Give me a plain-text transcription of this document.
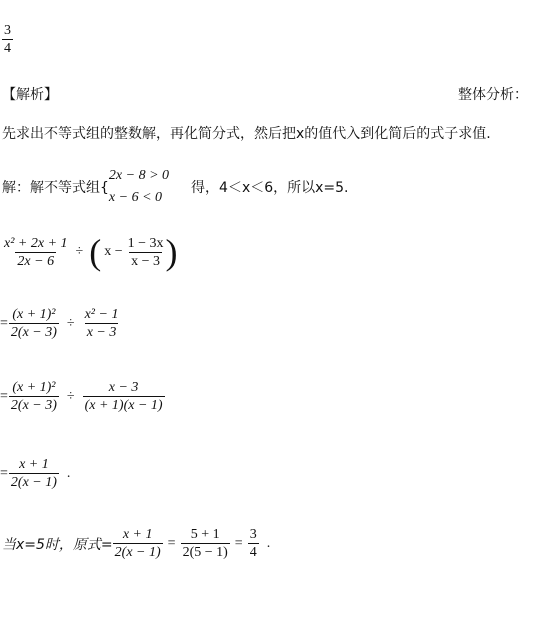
$\frac{3}{4}$
【解析】	整体分析：
先求出不等式组的整数解，再化简分式，然后把x的值代入到化简后的式子求值.
解：解不等式组{
2x − 8 > 0
x − 6 < 0
得，4＜x＜6，所以x=5.
$\frac{\text{x² + 2x + 1}}{2x - 6}$ ÷ ( $x - \frac{1 - 3x}{x - 3}$ )
= $\frac{\text{(x + 1)²}}{2(x - 3)} \div \frac{\text{x² − 1}}{x - 3}$
= $\frac{\text{(x + 1)²}}{2(x - 3)} \div \frac{x - 3}{(x + 1)(x - 1)}$
= $\frac{x + 1}{2(x - 1)}$ .
当x=5时，原式= $\frac{x + 1}{2(x - 1)} = \frac{5 + 1}{2(5 - 1)} = \frac{3}{4}$ .
